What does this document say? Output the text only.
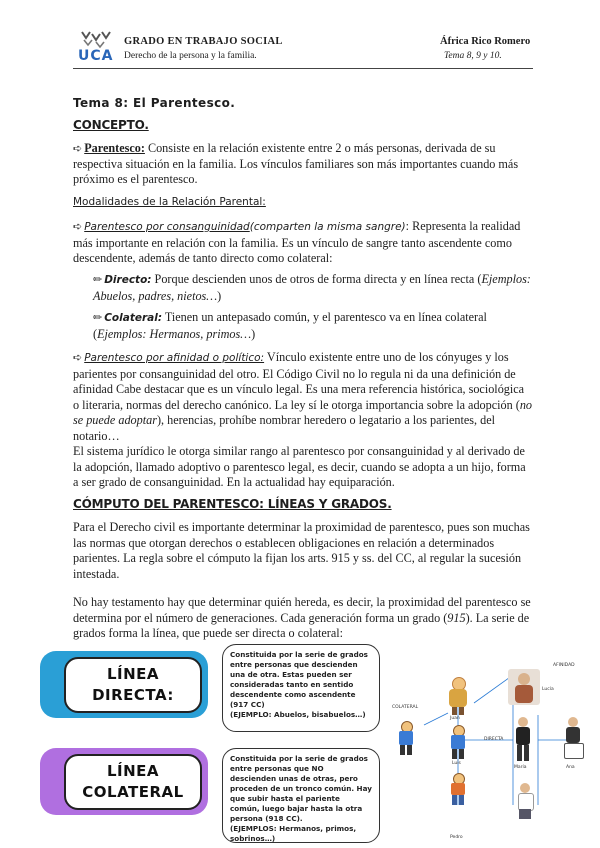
UCA
GRADO EN TRABAJO SOCIAL
Derecho de la persona y la familia.
África Rico Romero
Tema 8, 9 y 10.
Tema 8: El Parentesco.
CONCEPTO.
➪ Parentesco: Consiste en la relación existente entre 2 o más personas, derivada de su respectiva situación en la familia. Los vínculos familiares son más importantes cuando más próximo es el parentesco.
Modalidades de la Relación Parental:
➪ Parentesco por consanguinidad(comparten la misma sangre): Representa la realidad más importante en relación con la familia. Es un vínculo de sangre tanto ascendente como descendente, además de tanto directo como colateral:
✏ Directo: Porque descienden unos de otros de forma directa y en línea recta (Ejemplos: Abuelos, padres, nietos…)
✏ Colateral: Tienen un antepasado común, y el parentesco va en línea colateral (Ejemplos: Hermanos, primos…)
➪ Parentesco por afinidad o político: Vínculo existente entre uno de los cónyuges y los parientes por consanguinidad del otro. El Código Civil no lo regula ni da una definición de afinidad Cabe destacar que es un vínculo legal. Es una mera referencia histórica, sociológica o literaria, normas del derecho canónico. La ley sí le otorga importancia sobre la adopción (no se puede adoptar), herencias, prohíbe nombrar heredero o legatario a los parientes, del notario…
El sistema jurídico le otorga similar rango al parentesco por consanguinidad y al derivado de la adopción, llamado adoptivo o parentesco legal, es decir, cuando se adopta a un hijo, forma a ser grado de consanguinidad. En la actualidad hay equiparación.
CÓMPUTO DEL PARENTESCO: LÍNEAS Y GRADOS.
Para el Derecho civil es importante determinar la proximidad de parentesco, pues son muchas las normas que otorgan derechos o establecen obligaciones en relación a determinados parientes. La regla sobre el cómputo la fijan los arts. 915 y ss. del CC, al regular la sucesión intestada.
No hay testamento hay que determinar quién hereda, es decir, la proximidad del parentesco se determina por el número de generaciones. Cada generación forma un grado (915). La serie de grados forma la línea, que puede ser directa o colateral:
LÍNEA
DIRECTA:
Constituida por la serie de grados entre personas que descienden una de otra. Estas pueden ser consideradas tanto en sentido descendente como ascendente (917 CC)
(EJEMPLO: Abuelos, bisabuelos…)
LÍNEA
COLATERAL
Constituida por la serie de grados entre personas que NO descienden unas de otras, pero proceden de un tronco común. Hay que subir hasta el pariente común, luego bajar hasta la otra persona (918 CC).
(EJEMPLOS: Hermanos, primos, sobrinos…)
Juan
Luis
Pedro
COLATERAL
DIRECTA
AFINIDAD
Lucía
María	Ana
